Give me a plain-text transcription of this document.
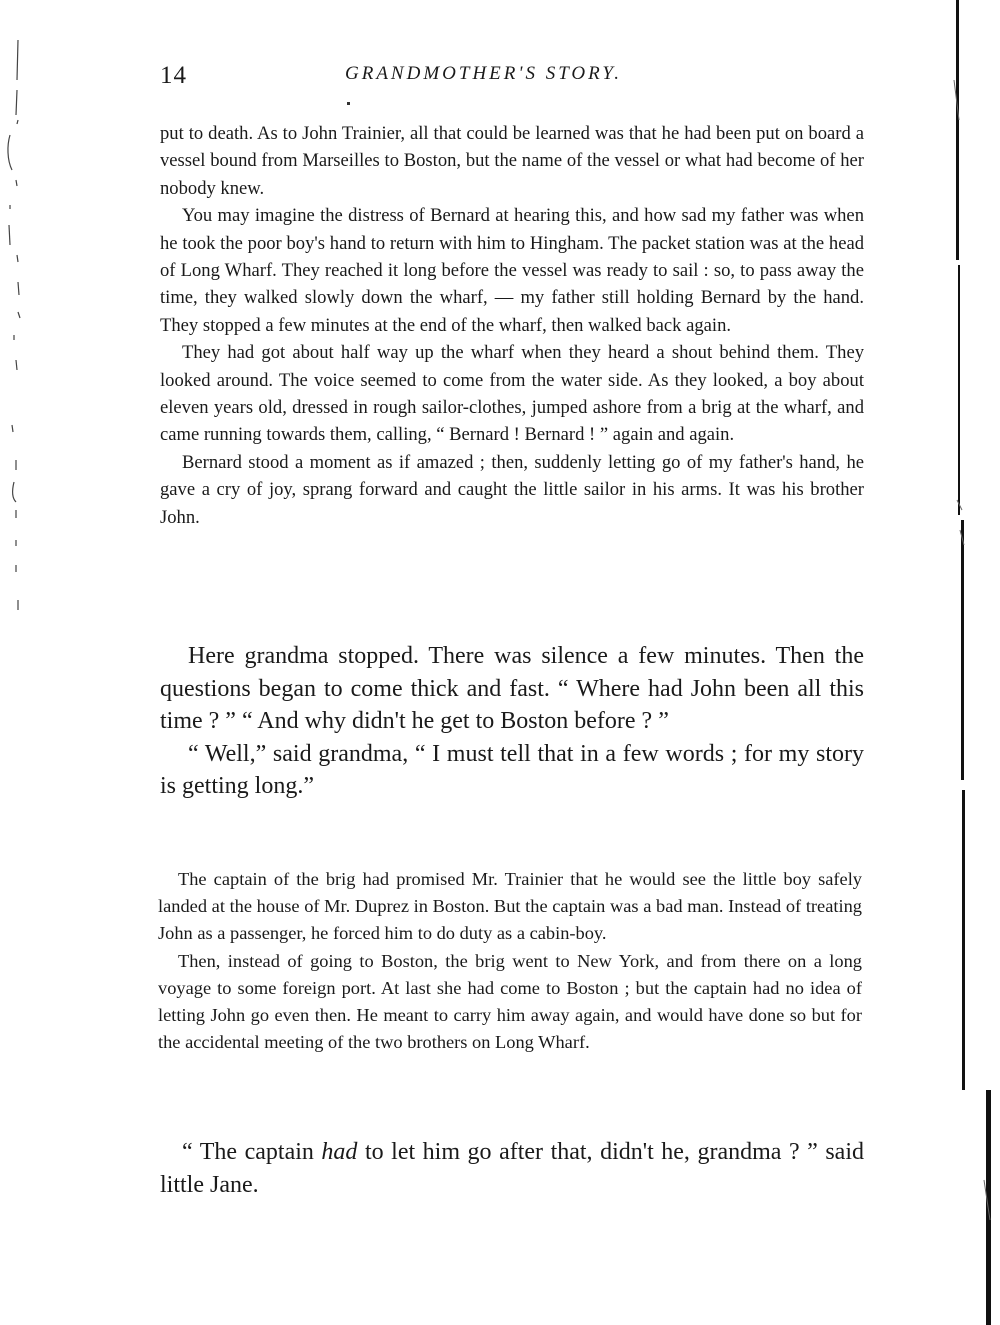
14	GRANDMOTHER'S STORY.

put to death. As to John Trainier, all that could be learned was that he had been put on board a vessel bound from Marseilles to Boston, but the name of the vessel or what had become of her nobody knew.

You may imagine the distress of Bernard at hearing this, and how sad my father was when he took the poor boy's hand to return with him to Hingham. The packet station was at the head of Long Wharf. They reached it long before the vessel was ready to sail : so, to pass away the time, they walked slowly down the wharf, — my father still holding Bernard by the hand. They stopped a few minutes at the end of the wharf, then walked back again.

They had got about half way up the wharf when they heard a shout behind them. They looked around. The voice seemed to come from the water side. As they looked, a boy about eleven years old, dressed in rough sailor-clothes, jumped ashore from a brig at the wharf, and came running towards them, calling, “ Bernard ! Bernard ! ” again and again.

Bernard stood a moment as if amazed ; then, suddenly letting go of my father's hand, he gave a cry of joy, sprang forward and caught the little sailor in his arms. It was his brother John.

Here grandma stopped. There was silence a few minutes. Then the questions began to come thick and fast. “ Where had John been all this time ? ” “ And why didn't he get to Boston before ? ”

“ Well,” said grandma, “ I must tell that in a few words ; for my story is getting long.”

The captain of the brig had promised Mr. Trainier that he would see the little boy safely landed at the house of Mr. Duprez in Boston. But the captain was a bad man. Instead of treating John as a passenger, he forced him to do duty as a cabin-boy.

Then, instead of going to Boston, the brig went to New York, and from there on a long voyage to some foreign port. At last she had come to Boston ; but the captain had no idea of letting John go even then. He meant to carry him away again, and would have done so but for the accidental meeting of the two brothers on Long Wharf.

“ The captain had to let him go after that, didn't he, grandma ? ” said little Jane.
